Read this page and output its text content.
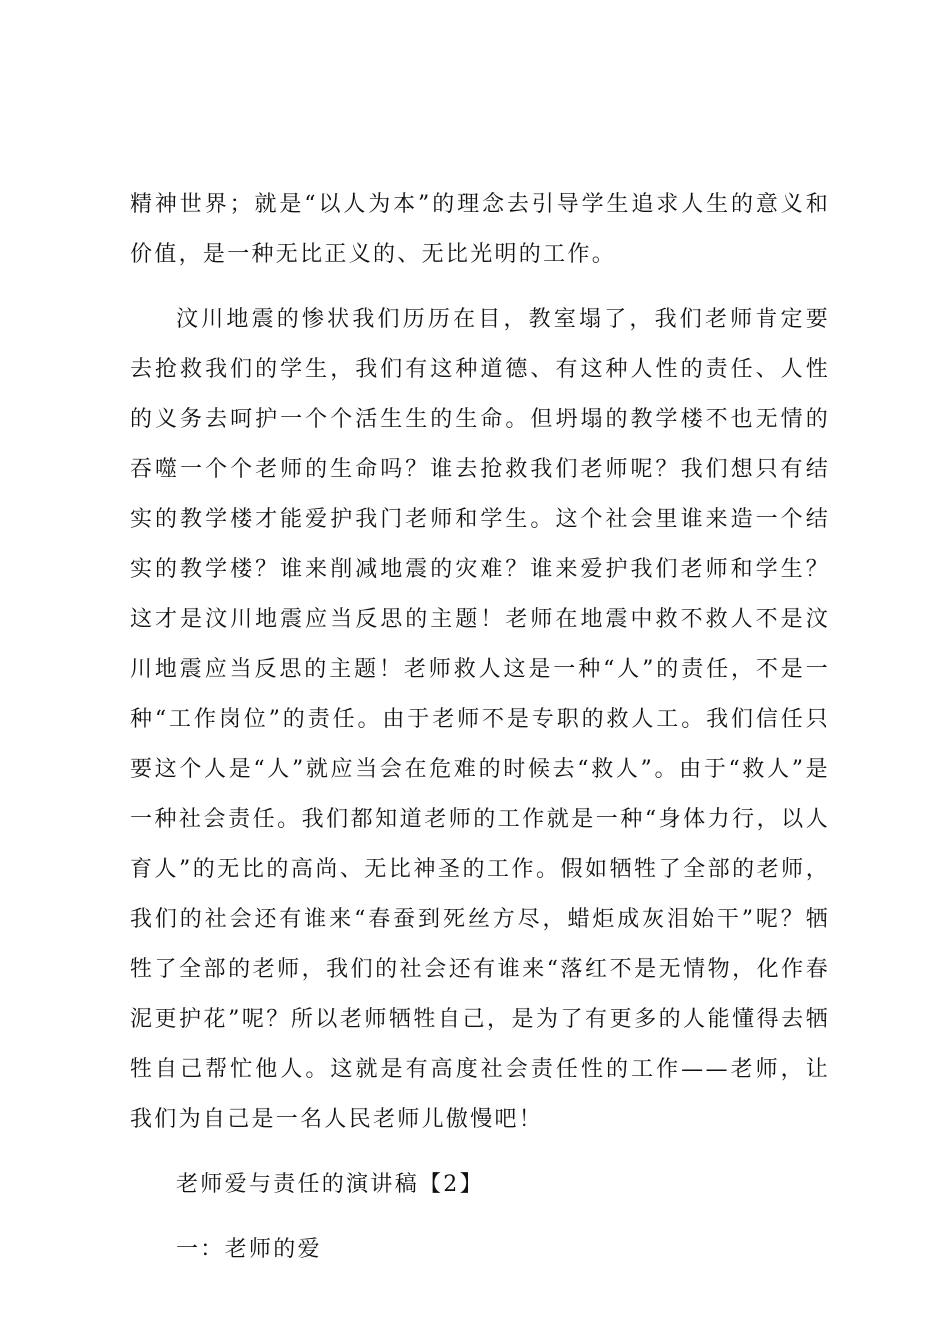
精神世界；就是“以人为本”的理念去引导学生追求人生的意义和价值，是一种无比正义的、无比光明的工作。

汶川地震的惨状我们历历在目，教室塌了，我们老师肯定要去抢救我们的学生，我们有这种道德、有这种人性的责任、人性的义务去呵护一个个活生生的生命。但坍塌的教学楼不也无情的吞噬一个个老师的生命吗？谁去抢救我们老师呢？我们想只有结实的教学楼才能爱护我门老师和学生。这个社会里谁来造一个结实的教学楼？谁来削减地震的灾难？谁来爱护我们老师和学生？这才是汶川地震应当反思的主题！老师在地震中救不救人不是汶川地震应当反思的主题！老师救人这是一种“人”的责任，不是一种“工作岗位”的责任。由于老师不是专职的救人工。我们信任只要这个人是“人”就应当会在危难的时候去“救人”。由于“救人”是一种社会责任。我们都知道老师的工作就是一种“身体力行，以人育人”的无比的高尚、无比神圣的工作。假如牺牲了全部的老师，我们的社会还有谁来“春蚕到死丝方尽，蜡炬成灰泪始干”呢？牺牲了全部的老师，我们的社会还有谁来“落红不是无情物，化作春泥更护花”呢？所以老师牺牲自己，是为了有更多的人能懂得去牺牲自己帮忙他人。这就是有高度社会责任性的工作——老师，让我们为自己是一名人民老师儿傲慢吧！

老师爱与责任的演讲稿【2】

一：老师的爱
